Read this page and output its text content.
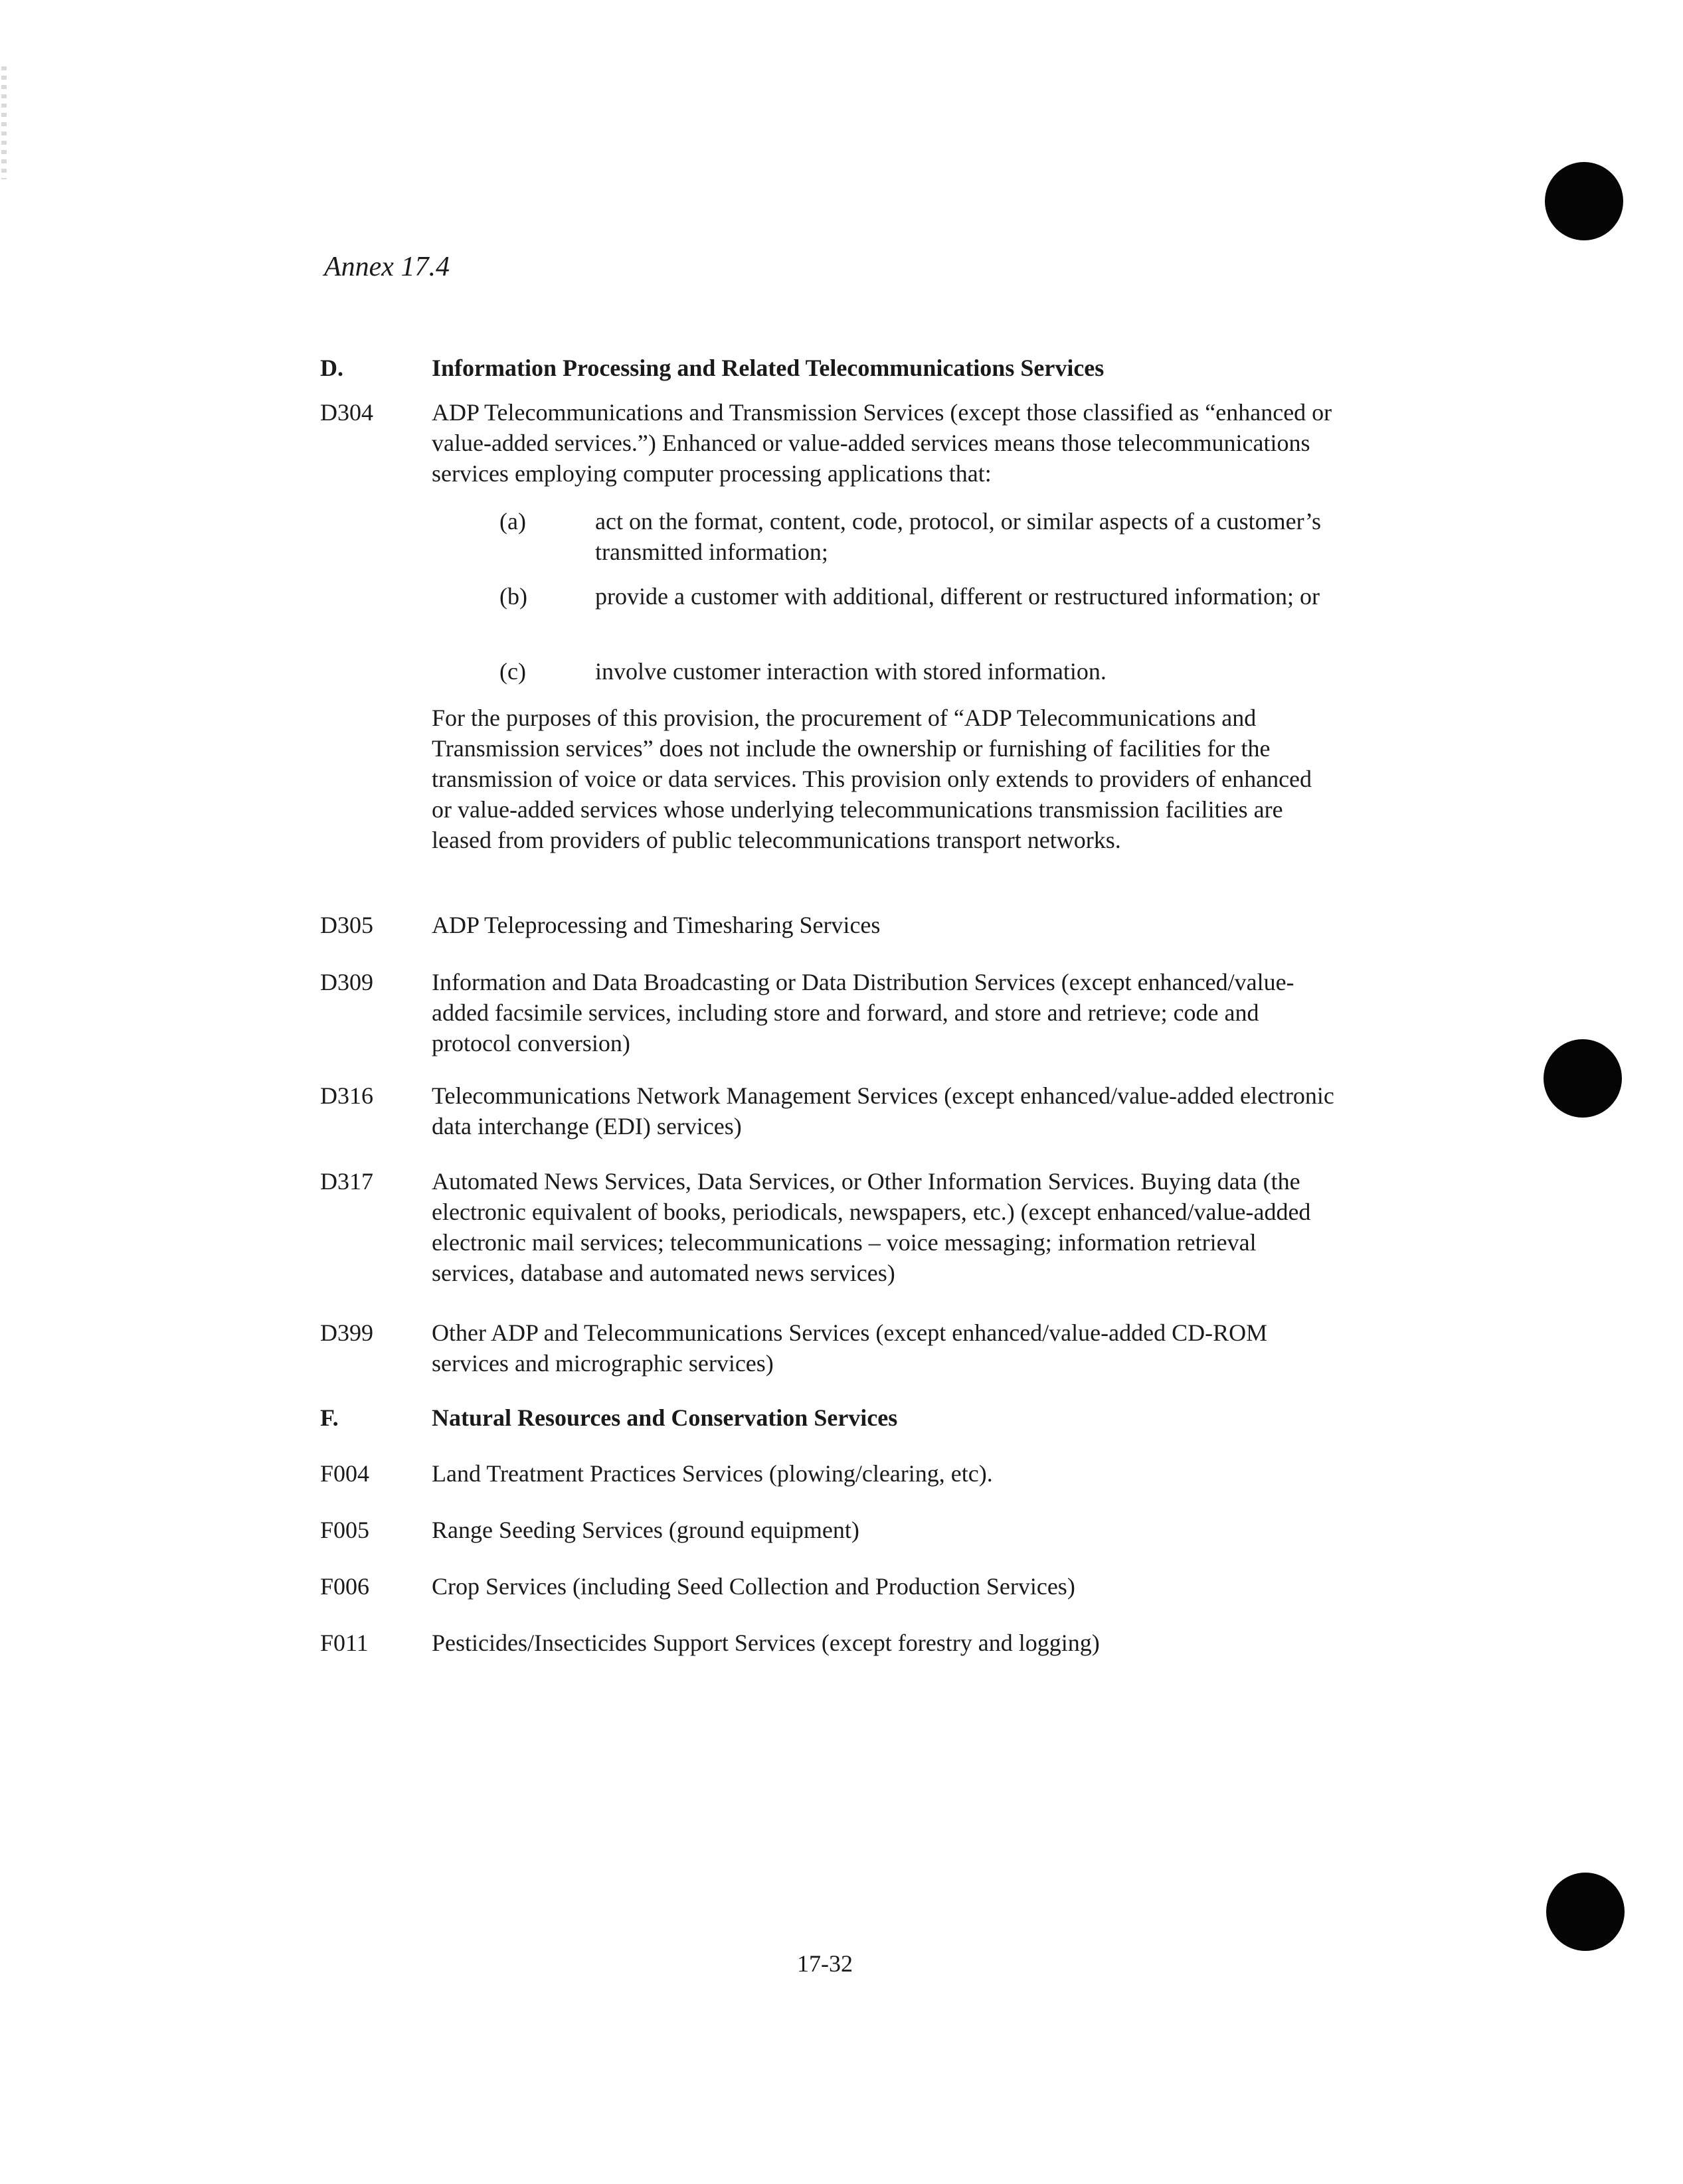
Annex 17.4
D.	Information Processing and Related Telecommunications Services
D304 ADP Telecommunications and Transmission Services (except those classified as “enhanced or value-added services.”) Enhanced or value-added services means those telecommunications services employing computer processing applications that:
(a)	act on the format, content, code, protocol, or similar aspects of a customer’s transmitted information;
(b)	provide a customer with additional, different or restructured information; or
(c)	involve customer interaction with stored information.
For the purposes of this provision, the procurement of “ADP Telecommunications and Transmission services” does not include the ownership or furnishing of facilities for the transmission of voice or data services. This provision only extends to providers of enhanced or value-added services whose underlying telecommunications transmission facilities are leased from providers of public telecommunications transport networks.
D305 ADP Teleprocessing and Timesharing Services
D309 Information and Data Broadcasting or Data Distribution Services (except enhanced/value-added facsimile services, including store and forward, and store and retrieve; code and protocol conversion)
D316 Telecommunications Network Management Services (except enhanced/value-added electronic data interchange (EDI) services)
D317 Automated News Services, Data Services, or Other Information Services. Buying data (the electronic equivalent of books, periodicals, newspapers, etc.) (except enhanced/value-added electronic mail services; telecommunications – voice messaging; information retrieval services, database and automated news services)
D399 Other ADP and Telecommunications Services (except enhanced/value-added CD-ROM services and micrographic services)
F.	Natural Resources and Conservation Services
F004	Land Treatment Practices Services (plowing/clearing, etc).
F005	Range Seeding Services (ground equipment)
F006	Crop Services (including Seed Collection and Production Services)
F011	Pesticides/Insecticides Support Services (except forestry and logging)
17-32
